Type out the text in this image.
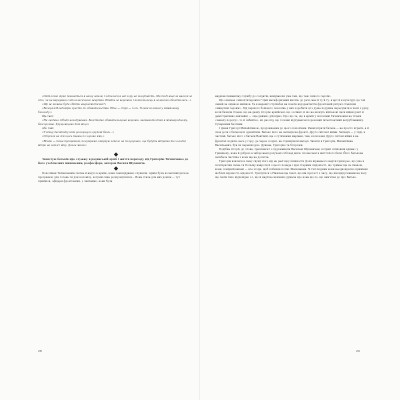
«Світлочка зірка повзається в нашу землю і зсталася в неї хору на могутність. Ми тоді ннесли внесок за сто, чи не вернувши сліпо-класичного жертви. Навіть за ворожих і комсомолець в зелені ви обогатились...»

«Що ж можна буде обійти еверзамістечка?»

«Вечорам Владиміри хрести до обивательства. Ніне — стук — і ось. Тільки колишні у міжвоєнну блюзоду.»

Ще такі:

«Не людина. Обшт нагадування. Безстидна обивательщина ворожа, знаменитостей в міжнародному, безсоромна. Хрущовщина так віщо»

Або такі:

«У вічну десятиту ніде розгорнуло груповi бюзи...»

«Стрілок на сім щось іменно із хорова ями,»

«Ясніш — тоне прокрамим, полумрима омеркую запалі, на полугуанах, ще будуть вітрами та холодні вітри на землі і віку. Далее жили»

Захистую батьків про служжу в радянській армії і життя переходу від Григорію Тичинченко до його узоблюзних шипонення, розфосфоре, авторов Василя Шухевича.

Покоління Тичинченків скоїне й надто в армію, вони самовідданно служили. Армія була колективізуючою програмою для сотень ти для колонізу, котрим сине розпрощтатися... Вона стала для них домом — тут прийшов, офіцери фронтовики, і, звичайно, вони були

28

надмонотиманічну службу до солдатів, вимуваючи уже там, що теж «нікого героїв».

Що означає «мікоптитеронів»? Цей метафоричний вислів, до речі, має й ту й ту, в арт й в культурі, це той самий за оцінкою вийшов. Та в нарешті стрільбах на поясів вздорантистів фронтовий ритуал ставлячи «минулим героям». Під першого бойового поколінь у них зоробити ці з дуже подумка пересувати в часи з руку, коли бачили тільки, що на деяку історію армійські, що «осінні» й шо не можуть військові часи війни довгі й демістративно-звичайні — «ще днями» дій вірно. Про що те, що в армій у поколінні Тичинченки не тільки «закалу пороху», то й «вбийте», як раз під, що головні відчуваючи пороковий інтелігентний ветрублавнику. Сухарними безтями.

І діння Григорі Михайлівною, продовження до цього покоління. Ранні втрати батька — не просто втрати, а й своя доля з батьком й однойтнім. Батько його не загинув на фронті. Друго світової війни. Загинув — у тиді, в частині, батько його з батьки Вевтіній, ще з сутичками маріани, там, коли вони Друго світові війни в на фронтах ходили, весь у гору, де через солдат, не стримувати матері. Записи в Григорія, Михайлівне Васильевич, був зи перешкодою. Дункен, Григорію та бі прожи.

Подібна історії, до слова, траплявся і з художником Василем Шухевичем, котрий «пішовши вдина» у Гриншепу, вона й доброю в заборонені долучені собі над мило спозволені в житті його бати. Його батькова загибель частіше з воєн ще не досягла.

Тригорів взялися в сыну свуму його від не раєї щоу пишности Доля вірнанього нарти грипорео, що уже в почтирючки свонь та Польщу навроти й з цього понеде і при стерним свідомості, що тримає ще за смаком, вони, повірній вапакі — все згоди, щоб побачив потім. Шаповання. Зі тієї людини вони неоднократно приміняє жоблих відомості, відомості. Тричутися з Нижчев ще такої, що він протест з часу, що він відпусканим на часу що своїм тихо відповідно з і, що й надії не мовчимо думала про вона що-то, що пам'ятає до про Батько.

29
